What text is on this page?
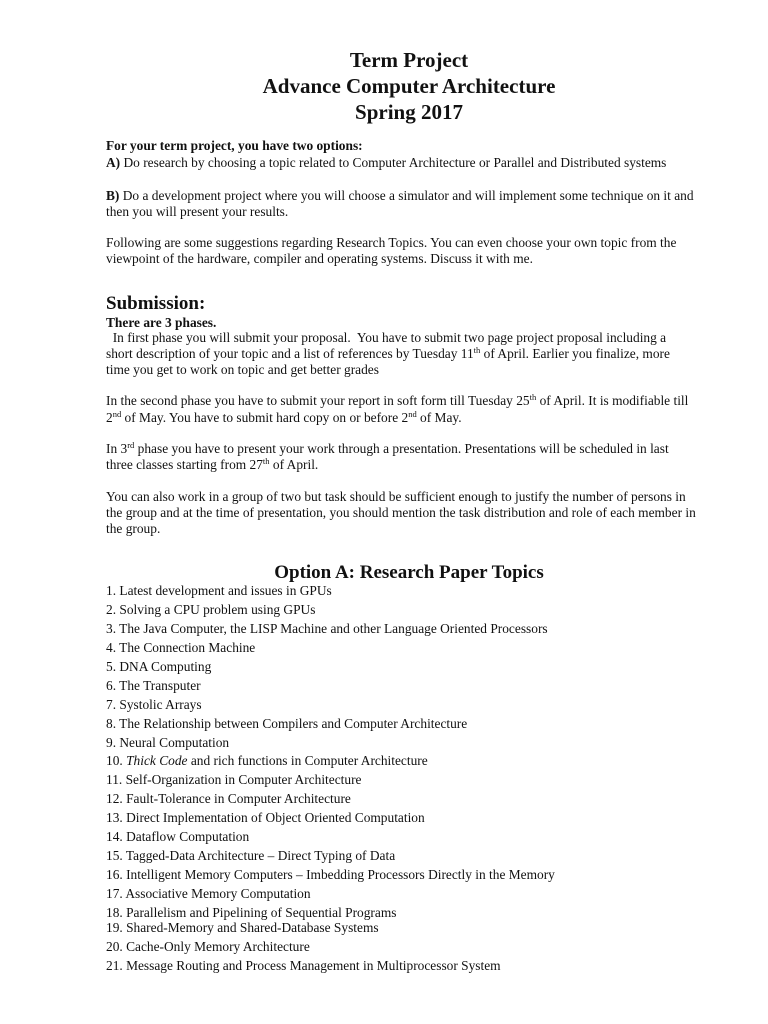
Term Project
Advance Computer Architecture
Spring 2017
For your term project, you have two options:
A) Do research by choosing a topic related to Computer Architecture or Parallel and Distributed systems
B) Do a development project where you will choose a simulator and will implement some technique on it and
then you will present your results.
Following are some suggestions regarding Research Topics. You can even choose your own topic from the
viewpoint of the hardware, compiler and operating systems. Discuss it with me.
Submission:
There are 3 phases.
In first phase you will submit your proposal.  You have to submit two page project proposal including a
short description of your topic and a list of references by Tuesday 11th of April. Earlier you finalize, more
time you get to work on topic and get better grades
In the second phase you have to submit your report in soft form till Tuesday 25th of April. It is modifiable till
2nd of May. You have to submit hard copy on or before 2nd of May.
In 3rd phase you have to present your work through a presentation. Presentations will be scheduled in last
three classes starting from 27th of April.
You can also work in a group of two but task should be sufficient enough to justify the number of persons in
the group and at the time of presentation, you should mention the task distribution and role of each member in
the group.
Option A: Research Paper Topics
1. Latest development and issues in GPUs
2. Solving a CPU problem using GPUs
3. The Java Computer, the LISP Machine and other Language Oriented Processors
4. The Connection Machine
5. DNA Computing
6. The Transputer
7. Systolic Arrays
8. The Relationship between Compilers and Computer Architecture
9. Neural Computation
10. Thick Code and rich functions in Computer Architecture
11. Self-Organization in Computer Architecture
12. Fault-Tolerance in Computer Architecture
13. Direct Implementation of Object Oriented Computation
14. Dataflow Computation
15. Tagged-Data Architecture – Direct Typing of Data
16. Intelligent Memory Computers – Imbedding Processors Directly in the Memory
17. Associative Memory Computation
18. Parallelism and Pipelining of Sequential Programs
19. Shared-Memory and Shared-Database Systems
20. Cache-Only Memory Architecture
21. Message Routing and Process Management in Multiprocessor System
